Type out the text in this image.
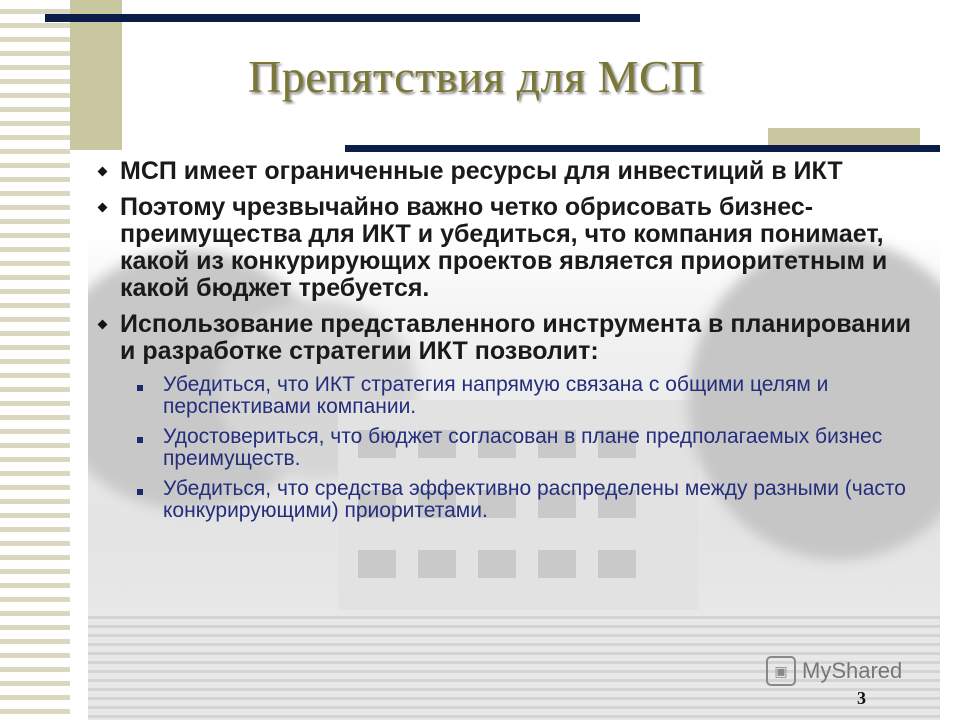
Препятствия для МСП
МСП имеет ограниченные ресурсы для инвестиций в ИКТ
Поэтому чрезвычайно важно четко обрисовать бизнес-преимущества для ИКТ и убедиться, что компания понимает, какой из конкурирующих проектов является приоритетным и какой бюджет требуется.
Использование представленного инструмента в планировании и разработке стратегии ИКТ позволит:
Убедиться, что ИКТ стратегия напрямую связана с общими целям и перспективами компании.
Удостовериться, что бюджет согласован в плане предполагаемых бизнес преимуществ.
Убедиться, что средства эффективно распределены между разными (часто конкурирующими) приоритетами.
▣ MyShared
3
